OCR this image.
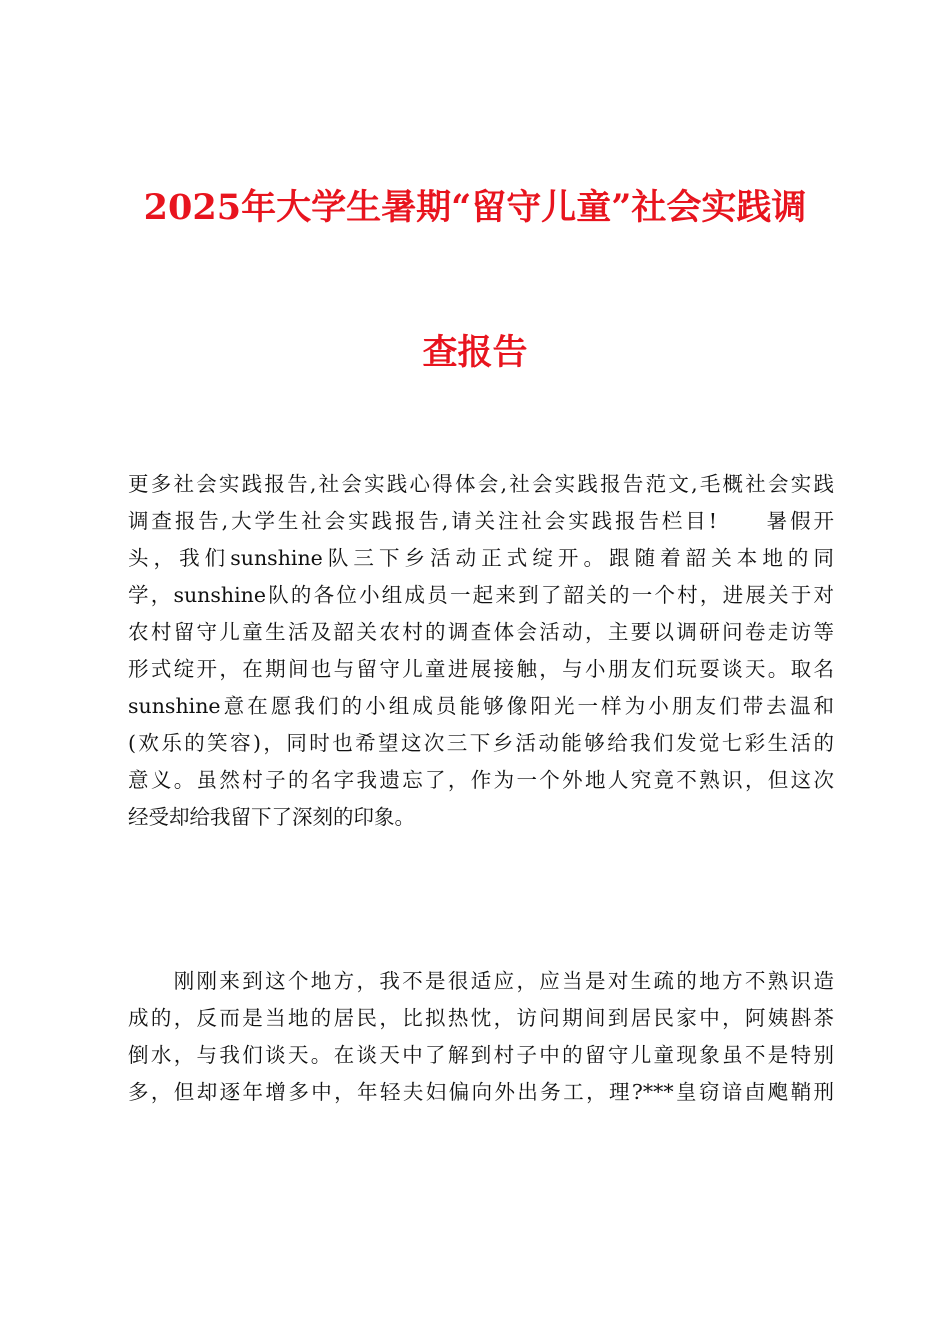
2025年大学生暑期“留守儿童”社会实践调
查报告
更多社会实践报告,社会实践心得体会,社会实践报告范文,毛概社会实践
调查报告,大学生社会实践报告,请关注社会实践报告栏目!　　暑假开
头，我们sunshine队三下乡活动正式绽开。跟随着韶关本地的同
学，sunshine队的各位小组成员一起来到了韶关的一个村，进展关于对
农村留守儿童生活及韶关农村的调查体会活动，主要以调研问卷走访等
形式绽开，在期间也与留守儿童进展接触，与小朋友们玩耍谈天。取名
sunshine意在愿我们的小组成员能够像阳光一样为小朋友们带去温和
(欢乐的笑容)，同时也希望这次三下乡活动能够给我们发觉七彩生活的
意义。虽然村子的名字我遗忘了，作为一个外地人究竟不熟识，但这次
经受却给我留下了深刻的印象。
　　刚刚来到这个地方，我不是很适应，应当是对生疏的地方不熟识造
成的，反而是当地的居民，比拟热忱，访问期间到居民家中，阿姨斟茶
倒水，与我们谈天。在谈天中了解到村子中的留守儿童现象虽不是特别
多，但却逐年增多中，年轻夫妇偏向外出务工，理?***皇窃谙卣飑鞘刑
